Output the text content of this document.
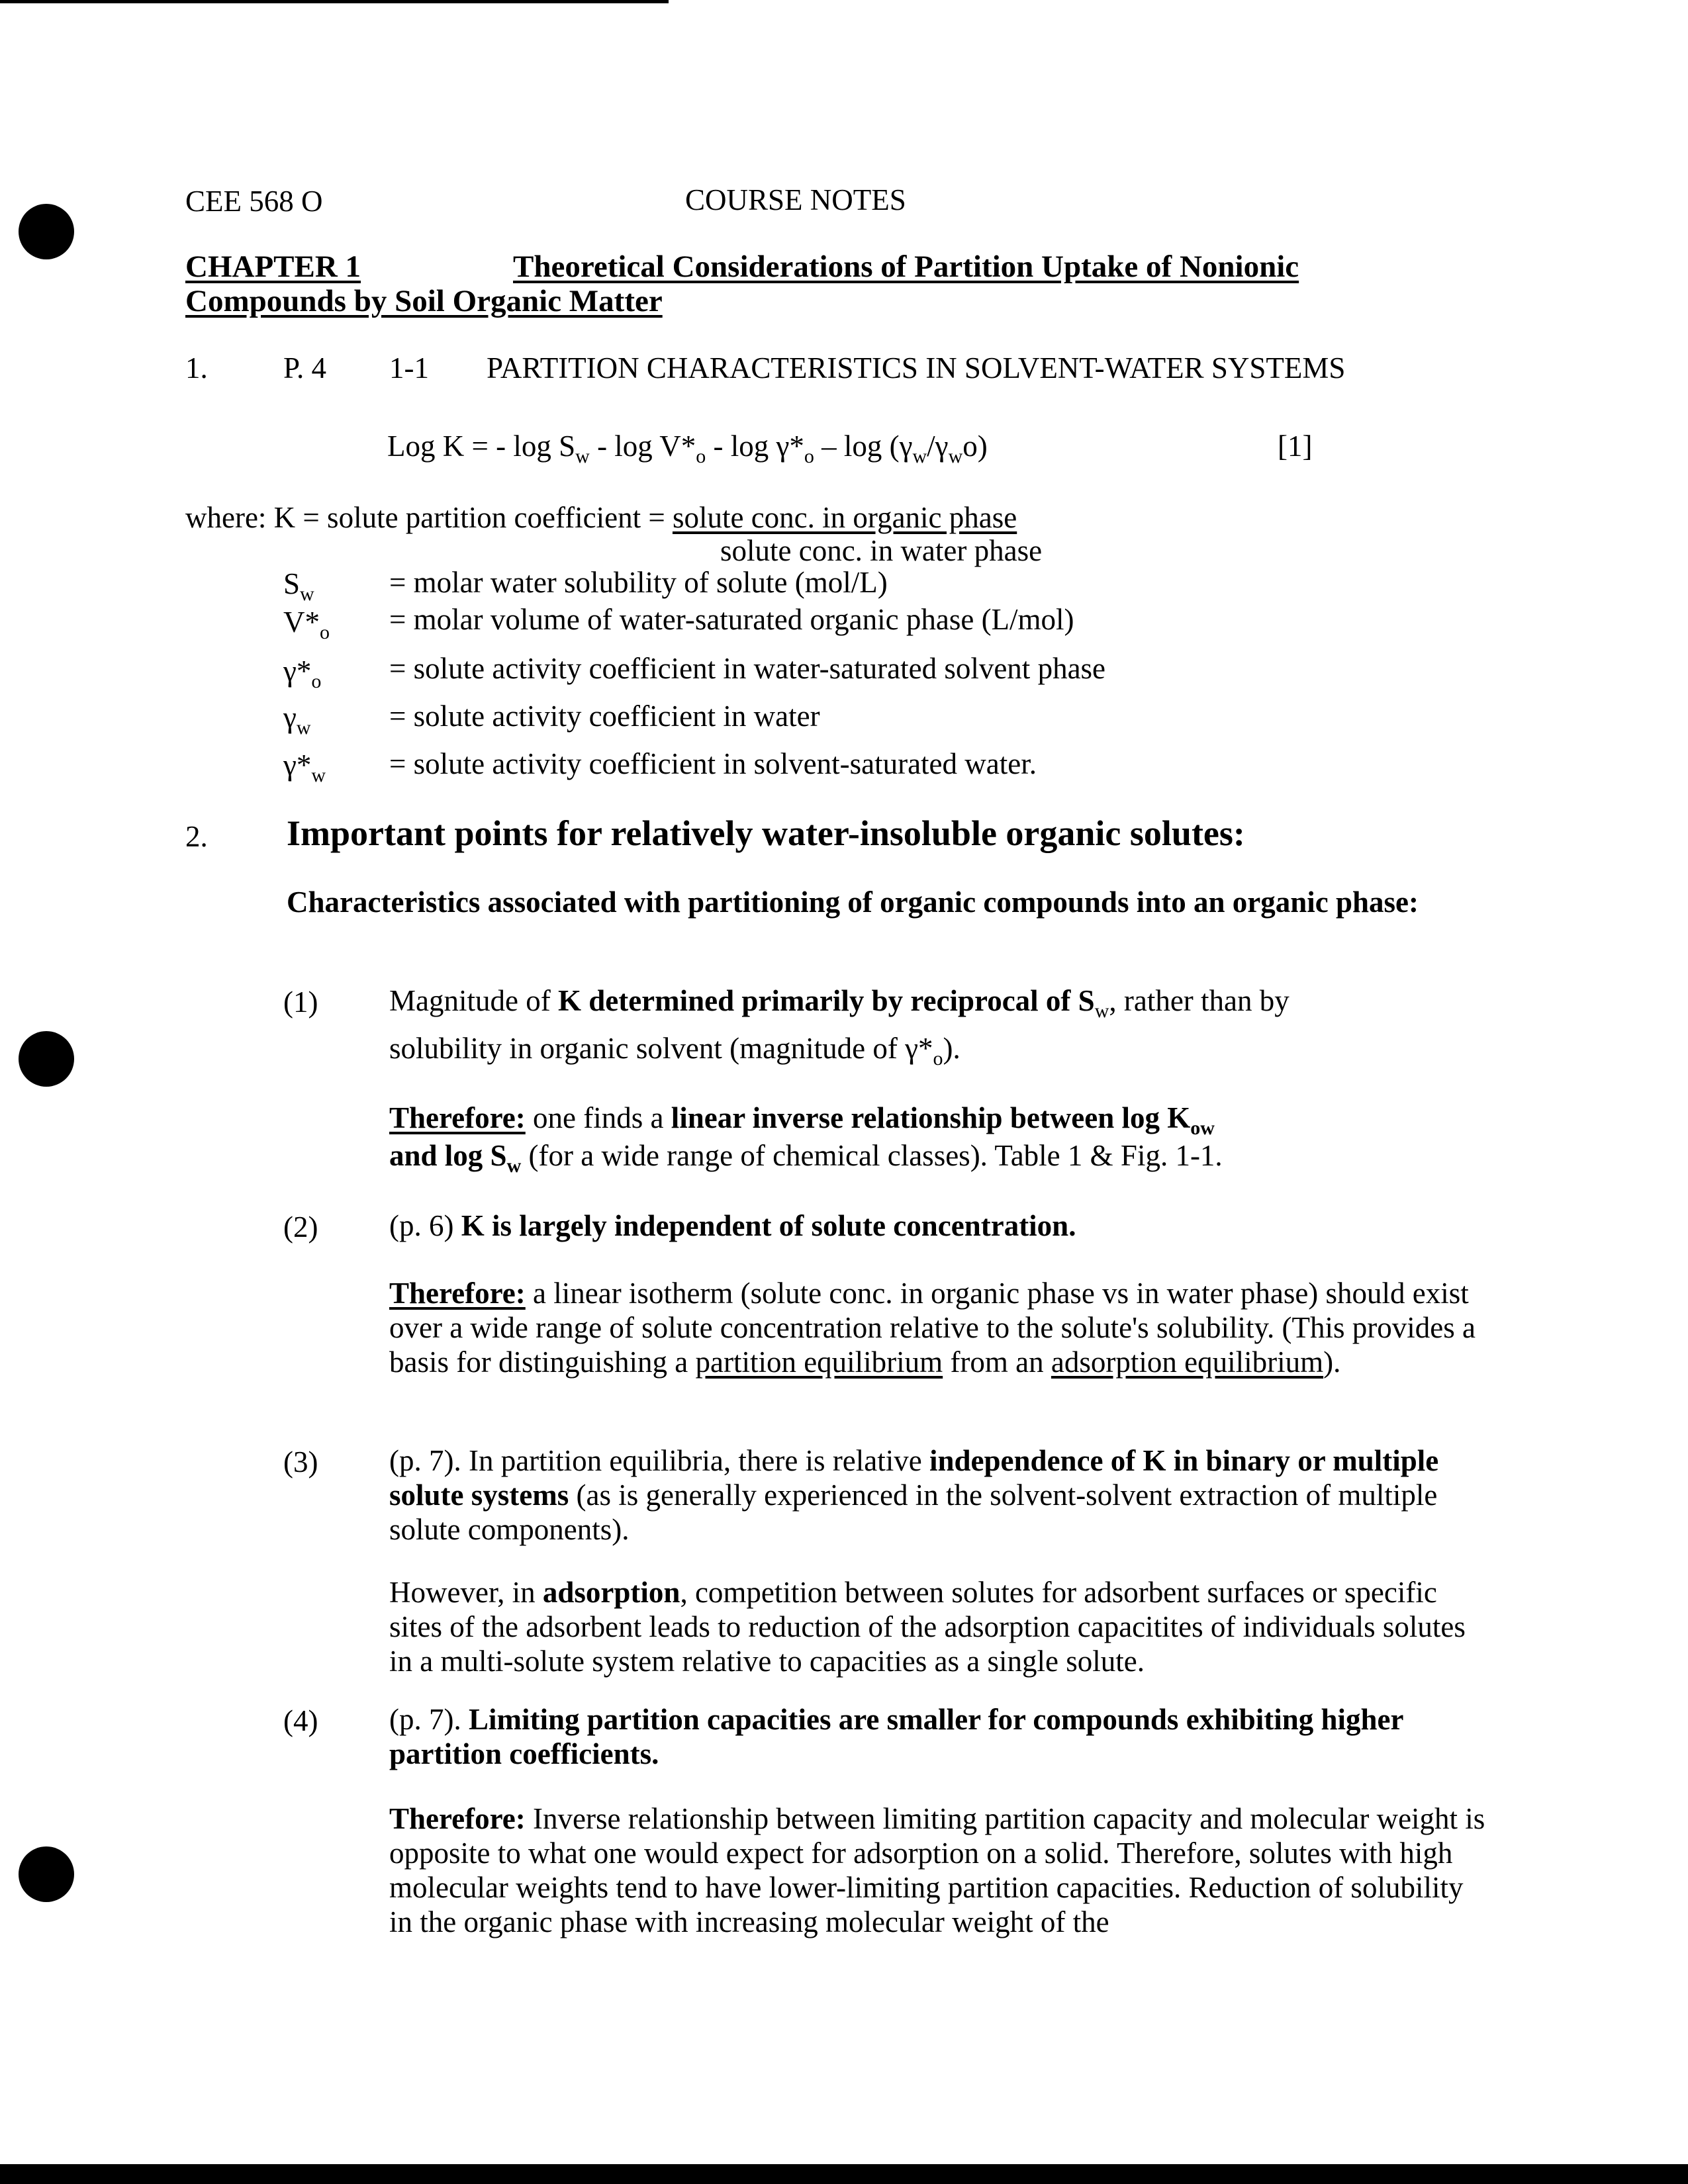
CEE 568 O	COURSE NOTES
CHAPTER 1	Theoretical Considerations of Partition Uptake of Nonionic
Compounds by Soil Organic Matter
1.	P. 4 1-1 PARTITION CHARACTERISTICS IN SOLVENT-WATER SYSTEMS
Log K = - $\log S_w$ - $\log V*_o$ - $\log \gamma*_o$ – $\log (\gamma_w/\gamma_wo)$	[1]
where: K = solute partition coefficient = solute conc. in organic phase
solute conc. in water phase
$S_w$	= molar water solubility of solute (mol/L)
$V*_o$ = molar volume of water-saturated organic phase (L/mol)
$\gamma*_o$ = solute activity coefficient in water-saturated solvent phase
$\gamma_w$	= solute activity coefficient in water
$\gamma*_w$ = solute activity coefficient in solvent-saturated water.
2. Important points for relatively water-insoluble organic solutes:
Characteristics associated with partitioning of organic compounds into an organic phase:
(1) Magnitude of K determined primarily by reciprocal of $S_w$, rather than by
solubility in organic solvent (magnitude of $\gamma*_o$).
Therefore: one finds a linear inverse relationship between $\log K_{ow}$
and $\log S_w$ (for a wide range of chemical classes). Table 1 & Fig. 1-1.
(2) (p. 6) K is largely independent of solute concentration.
Therefore: a linear isotherm (solute conc. in organic phase vs in water phase) should exist over a wide range of solute concentration relative to the solute's solubility. (This provides a basis for distinguishing a partition equilibrium from an adsorption equilibrium).
(3) (p. 7). In partition equilibria, there is relative independence of K in binary or multiple solute systems (as is generally experienced in the solvent-solvent extraction of multiple solute components).
However, in adsorption, competition between solutes for adsorbent surfaces or specific sites of the adsorbent leads to reduction of the adsorption capacitites of individuals solutes in a multi-solute system relative to capacities as a single solute.
(4) (p. 7). Limiting partition capacities are smaller for compounds exhibiting higher partition coefficients.
Therefore: Inverse relationship between limiting partition capacity and molecular weight is opposite to what one would expect for adsorption on a solid. Therefore, solutes with high molecular weights tend to have lower-limiting partition capacities. Reduction of solubility in the organic phase with increasing molecular weight of the
